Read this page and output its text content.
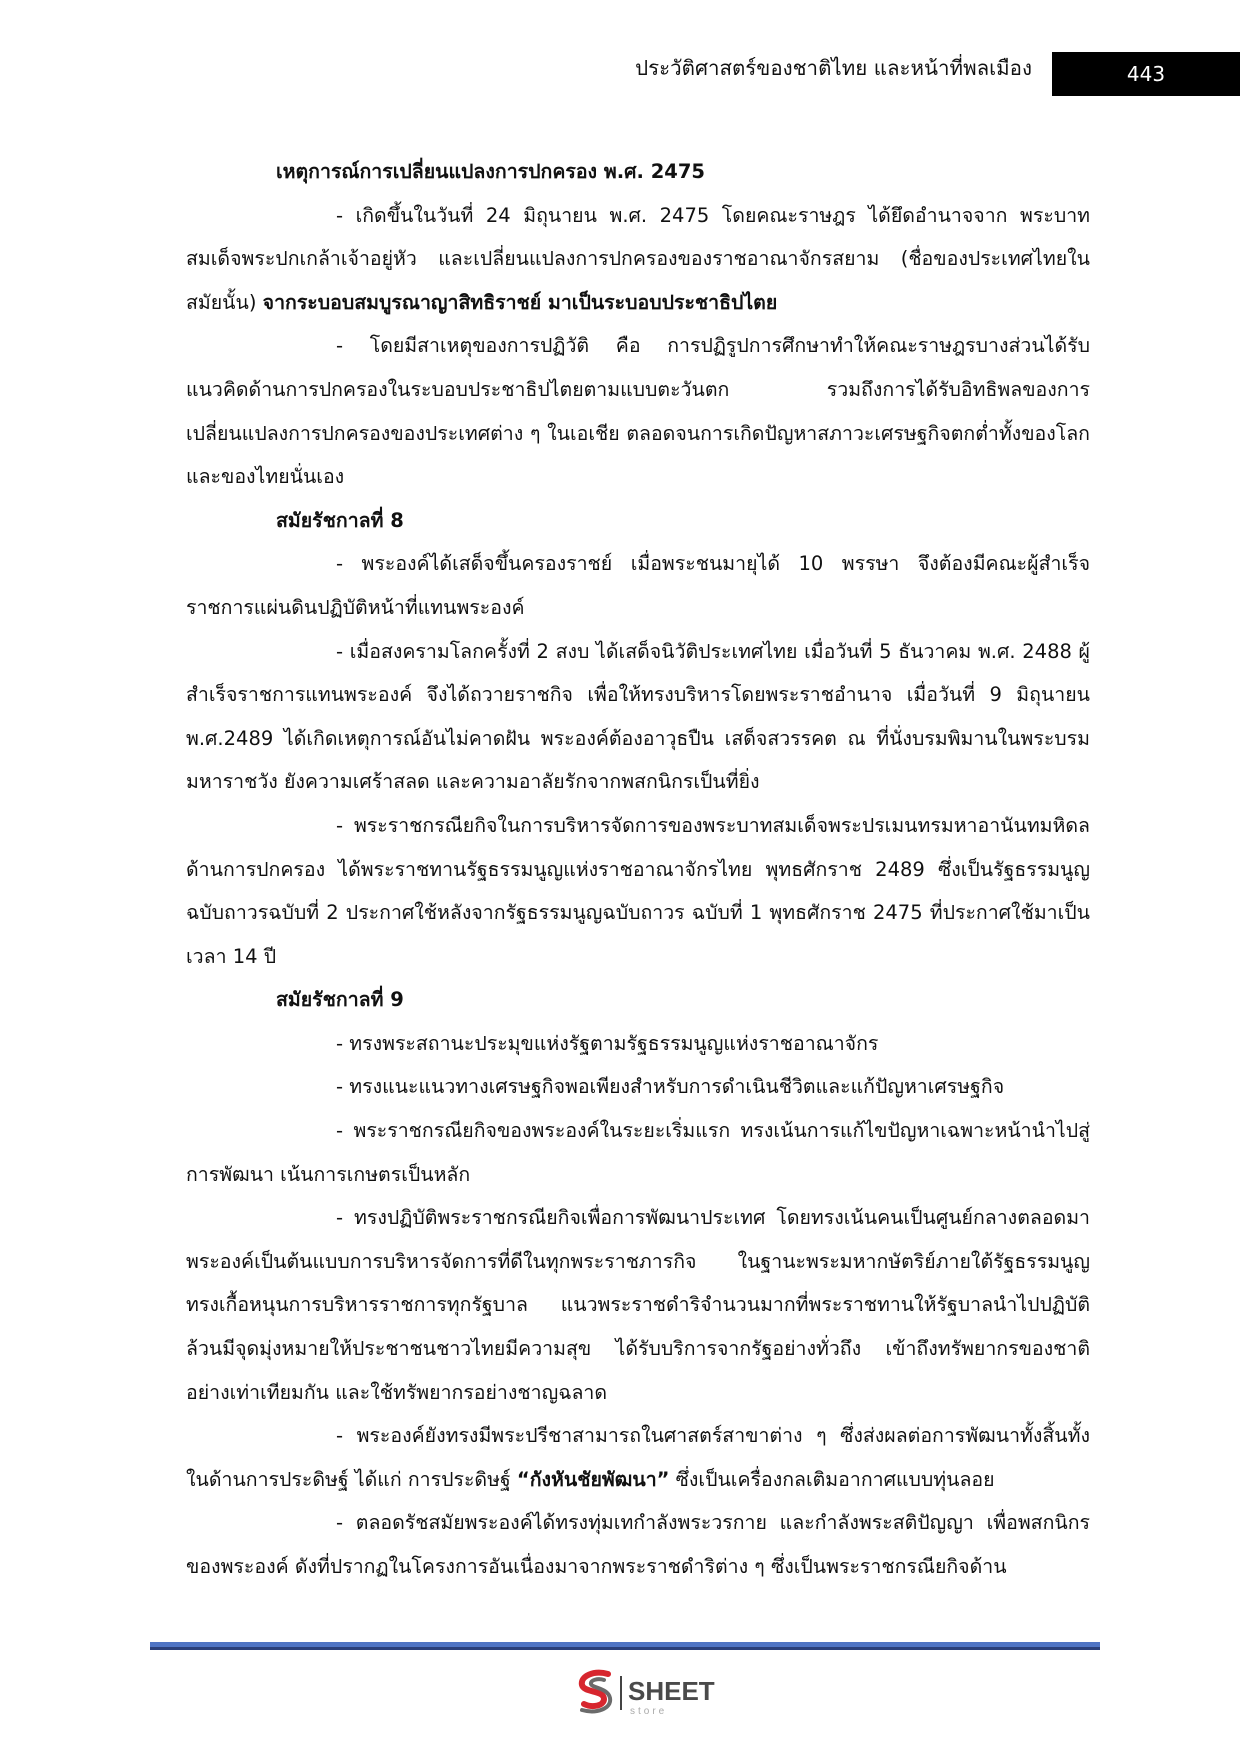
ประวัติศาสตร์ของชาติไทย และหน้าที่พลเมือง	443

เหตุการณ์การเปลี่ยนแปลงการปกครอง พ.ศ. 2475

- เกิดขึ้นในวันที่ 24 มิถุนายน พ.ศ. 2475 โดยคณะราษฎร ได้ยึดอำนาจจาก พระบาทสมเด็จพระปกเกล้าเจ้าอยู่หัว และเปลี่ยนแปลงการปกครองของราชอาณาจักรสยาม (ชื่อของประเทศไทยในสมัยนั้น) จากระบอบสมบูรณาญาสิทธิราชย์ มาเป็นระบอบประชาธิปไตย

- โดยมีสาเหตุของการปฏิวัติ คือ การปฏิรูปการศึกษาทำให้คณะราษฎรบางส่วนได้รับแนวคิดด้านการปกครองในระบอบประชาธิปไตยตามแบบตะวันตก รวมถึงการได้รับอิทธิพลของการเปลี่ยนแปลงการปกครองของประเทศต่าง ๆ ในเอเชีย ตลอดจนการเกิดปัญหาสภาวะเศรษฐกิจตกต่ำทั้งของโลกและของไทยนั่นเอง

สมัยรัชกาลที่ 8

- พระองค์ได้เสด็จขึ้นครองราชย์ เมื่อพระชนมายุได้ 10 พรรษา จึงต้องมีคณะผู้สำเร็จราชการแผ่นดินปฏิบัติหน้าที่แทนพระองค์

- เมื่อสงครามโลกครั้งที่ 2 สงบ ได้เสด็จนิวัติประเทศไทย เมื่อวันที่ 5 ธันวาคม พ.ศ. 2488 ผู้สำเร็จราชการแทนพระองค์ จึงได้ถวายราชกิจ เพื่อให้ทรงบริหารโดยพระราชอำนาจ เมื่อวันที่ 9 มิถุนายน พ.ศ.2489 ได้เกิดเหตุการณ์อันไม่คาดฝัน พระองค์ต้องอาวุธปืน เสด็จสวรรคต ณ ที่นั่งบรมพิมานในพระบรมมหาราชวัง ยังความเศร้าสลด และความอาลัยรักจากพสกนิกรเป็นที่ยิ่ง

- พระราชกรณียกิจในการบริหารจัดการของพระบาทสมเด็จพระปรเมนทรมหาอานันทมหิดล ด้านการปกครอง ได้พระราชทานรัฐธรรมนูญแห่งราชอาณาจักรไทย พุทธศักราช 2489 ซึ่งเป็นรัฐธรรมนูญฉบับถาวรฉบับที่ 2 ประกาศใช้หลังจากรัฐธรรมนูญฉบับถาวร ฉบับที่ 1 พุทธศักราช 2475 ที่ประกาศใช้มาเป็นเวลา 14 ปี

สมัยรัชกาลที่ 9

- ทรงพระสถานะประมุขแห่งรัฐตามรัฐธรรมนูญแห่งราชอาณาจักร

- ทรงแนะแนวทางเศรษฐกิจพอเพียงสำหรับการดำเนินชีวิตและแก้ปัญหาเศรษฐกิจ

- พระราชกรณียกิจของพระองค์ในระยะเริ่มแรก ทรงเน้นการแก้ไขปัญหาเฉพาะหน้านำไปสู่การพัฒนา เน้นการเกษตรเป็นหลัก

- ทรงปฏิบัติพระราชกรณียกิจเพื่อการพัฒนาประเทศ โดยทรงเน้นคนเป็นศูนย์กลางตลอดมา พระองค์เป็นต้นแบบการบริหารจัดการที่ดีในทุกพระราชภารกิจ ในฐานะพระมหากษัตริย์ภายใต้รัฐธรรมนูญ ทรงเกื้อหนุนการบริหารราชการทุกรัฐบาล แนวพระราชดำริจำนวนมากที่พระราชทานให้รัฐบาลนำไปปฏิบัติล้วนมีจุดมุ่งหมายให้ประชาชนชาวไทยมีความสุข ได้รับบริการจากรัฐอย่างทั่วถึง เข้าถึงทรัพยากรของชาติอย่างเท่าเทียมกัน และใช้ทรัพยากรอย่างชาญฉลาด

- พระองค์ยังทรงมีพระปรีชาสามารถในศาสตร์สาขาต่าง ๆ ซึ่งส่งผลต่อการพัฒนาทั้งสิ้นทั้งในด้านการประดิษฐ์ ได้แก่ การประดิษฐ์ “กังหันชัยพัฒนา” ซึ่งเป็นเครื่องกลเติมอากาศแบบทุ่นลอย

- ตลอดรัชสมัยพระองค์ได้ทรงทุ่มเทกำลังพระวรกาย และกำลังพระสติปัญญา เพื่อพสกนิกรของพระองค์ ดังที่ปรากฏในโครงการอันเนื่องมาจากพระราชดำริต่าง ๆ ซึ่งเป็นพระราชกรณียกิจด้าน

SHEET
store
